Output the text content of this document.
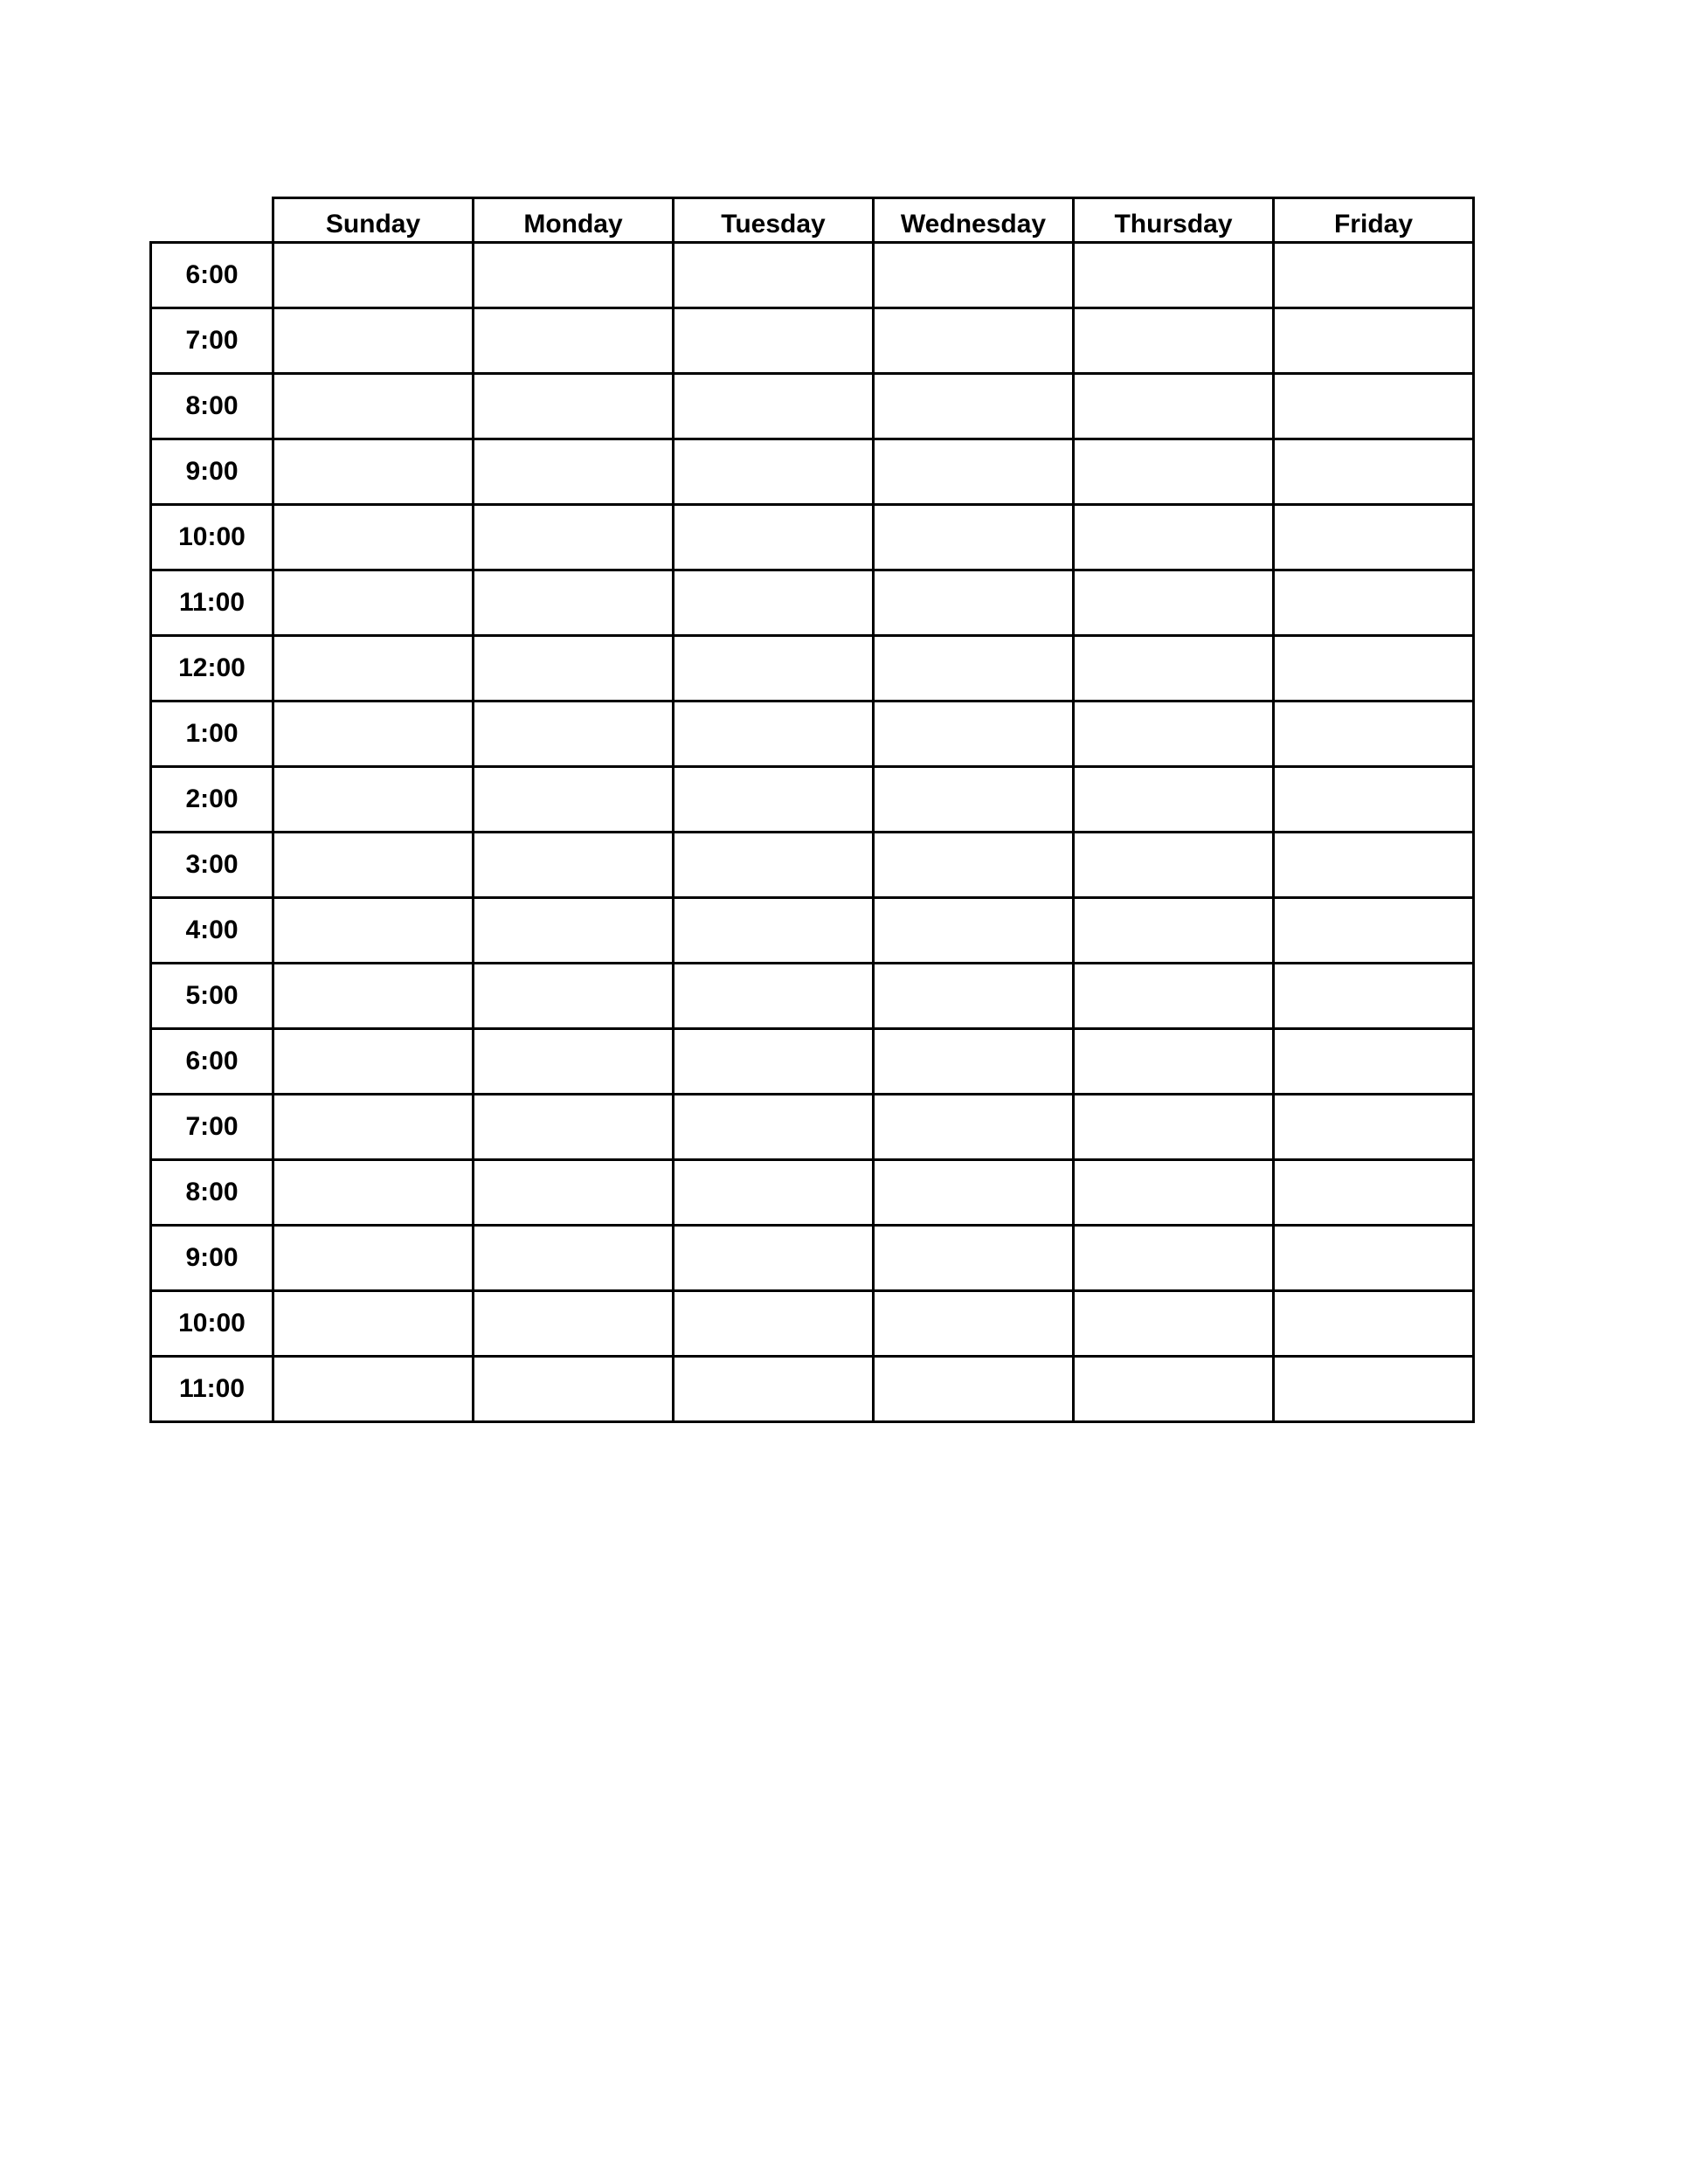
	Sunday	Monday	Tuesday	Wednesday	Thursday	Friday
6:00						
7:00						
8:00						
9:00						
10:00						
11:00						
12:00						
1:00						
2:00						
3:00						
4:00						
5:00						
6:00						
7:00						
8:00						
9:00						
10:00						
11:00						
